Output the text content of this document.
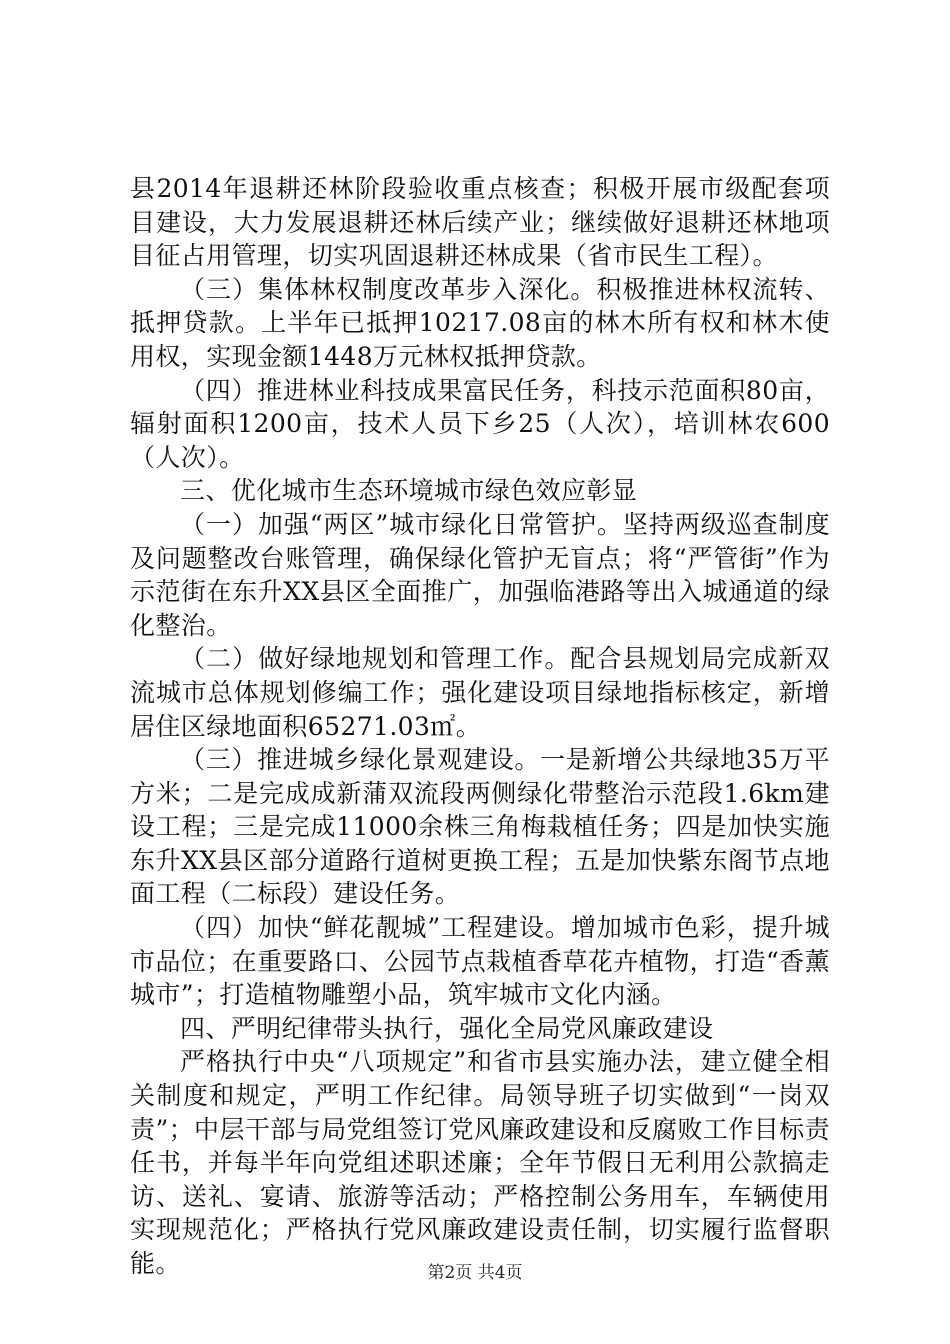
县2014年退耕还林阶段验收重点核查；积极开展市级配套项目建设，大力发展退耕还林后续产业；继续做好退耕还林地项目征占用管理，切实巩固退耕还林成果（省市民生工程）。

（三）集体林权制度改革步入深化。积极推进林权流转、抵押贷款。上半年已抵押10217.08亩的林木所有权和林木使用权，实现金额1448万元林权抵押贷款。

（四）推进林业科技成果富民任务，科技示范面积80亩，辐射面积1200亩，技术人员下乡25（人次），培训林农600（人次）。

三、优化城市生态环境城市绿色效应彰显

（一）加强“两区”城市绿化日常管护。坚持两级巡查制度及问题整改台账管理，确保绿化管护无盲点；将“严管街”作为示范街在东升XX县区全面推广，加强临港路等出入城通道的绿化整治。

（二）做好绿地规划和管理工作。配合县规划局完成新双流城市总体规划修编工作；强化建设项目绿地指标核定，新增居住区绿地面积65271.03㎡。

（三）推进城乡绿化景观建设。一是新增公共绿地35万平方米；二是完成成新蒲双流段两侧绿化带整治示范段1.6km建设工程；三是完成11000余株三角梅栽植任务；四是加快实施东升XX县区部分道路行道树更换工程；五是加快紫东阁节点地面工程（二标段）建设任务。

（四）加快“鲜花靓城”工程建设。增加城市色彩，提升城市品位；在重要路口、公园节点栽植香草花卉植物，打造“香薰城市”；打造植物雕塑小品，筑牢城市文化内涵。

四、严明纪律带头执行，强化全局党风廉政建设

严格执行中央“八项规定”和省市县实施办法，建立健全相关制度和规定，严明工作纪律。局领导班子切实做到“一岗双责”；中层干部与局党组签订党风廉政建设和反腐败工作目标责任书，并每半年向党组述职述廉；全年节假日无利用公款搞走访、送礼、宴请、旅游等活动；严格控制公务用车，车辆使用实现规范化；严格执行党风廉政建设责任制，切实履行监督职能。	第2页 共4页
